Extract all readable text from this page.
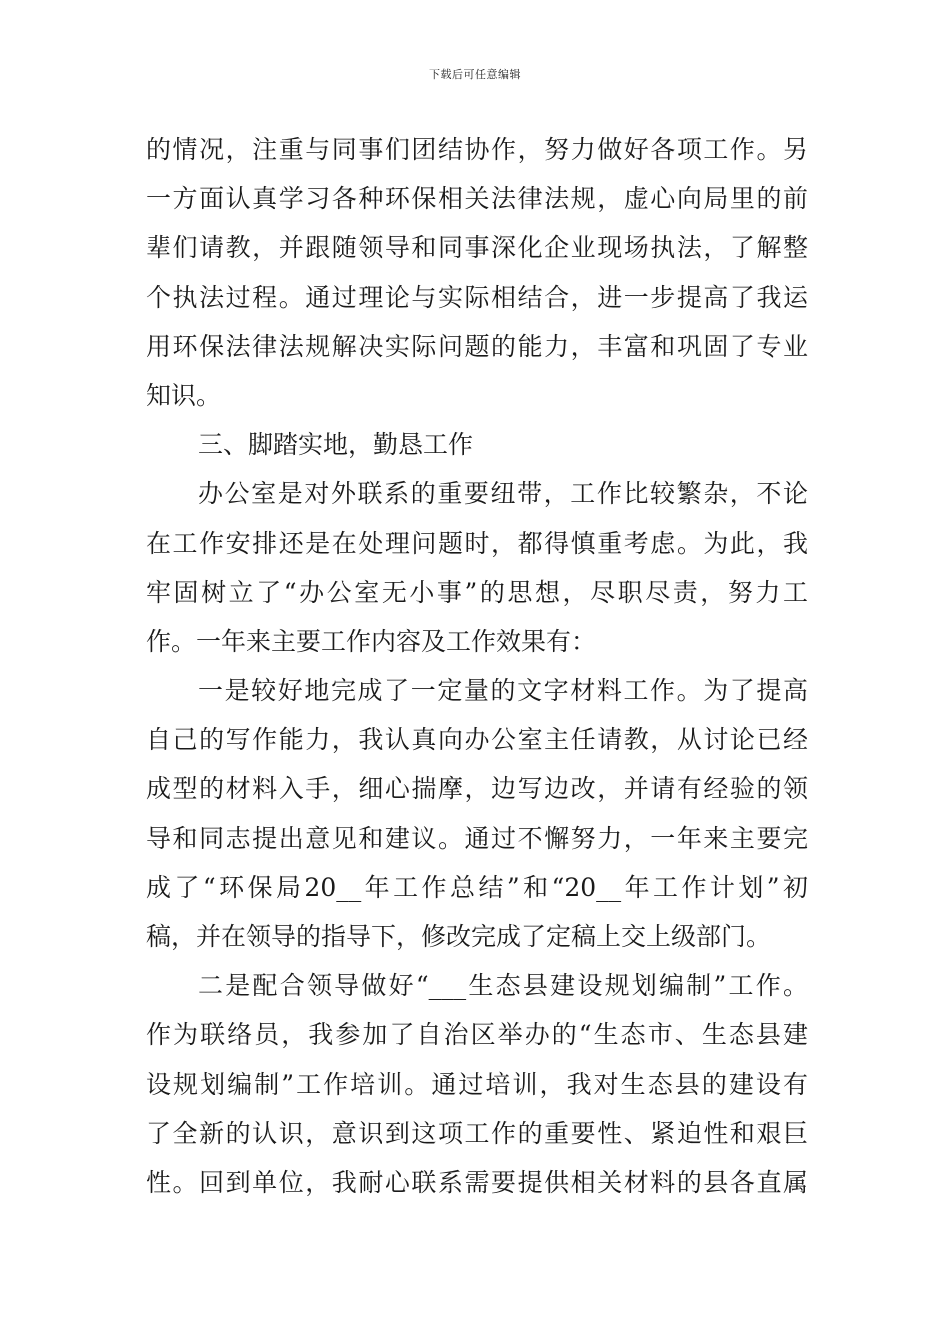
下载后可任意编辑
的情况，注重与同事们团结协作，努力做好各项工作。另
一方面认真学习各种环保相关法律法规，虚心向局里的前
辈们请教，并跟随领导和同事深化企业现场执法，了解整
个执法过程。通过理论与实际相结合，进一步提高了我运
用环保法律法规解决实际问题的能力，丰富和巩固了专业
知识。
三、脚踏实地，勤恳工作
办公室是对外联系的重要纽带，工作比较繁杂，不论
在工作安排还是在处理问题时，都得慎重考虑。为此，我
牢固树立了“办公室无小事”的思想，尽职尽责，努力工
作。一年来主要工作内容及工作效果有：
一是较好地完成了一定量的文字材料工作。为了提高
自己的写作能力，我认真向办公室主任请教，从讨论已经
成型的材料入手，细心揣摩，边写边改，并请有经验的领
导和同志提出意见和建议。通过不懈努力，一年来主要完
成了“环保局20__年工作总结”和“20__年工作计划”初
稿，并在领导的指导下，修改完成了定稿上交上级部门。
二是配合领导做好“___生态县建设规划编制”工作。
作为联络员，我参加了自治区举办的“生态市、生态县建
设规划编制”工作培训。通过培训，我对生态县的建设有
了全新的认识，意识到这项工作的重要性、紧迫性和艰巨
性。回到单位，我耐心联系需要提供相关材料的县各直属
